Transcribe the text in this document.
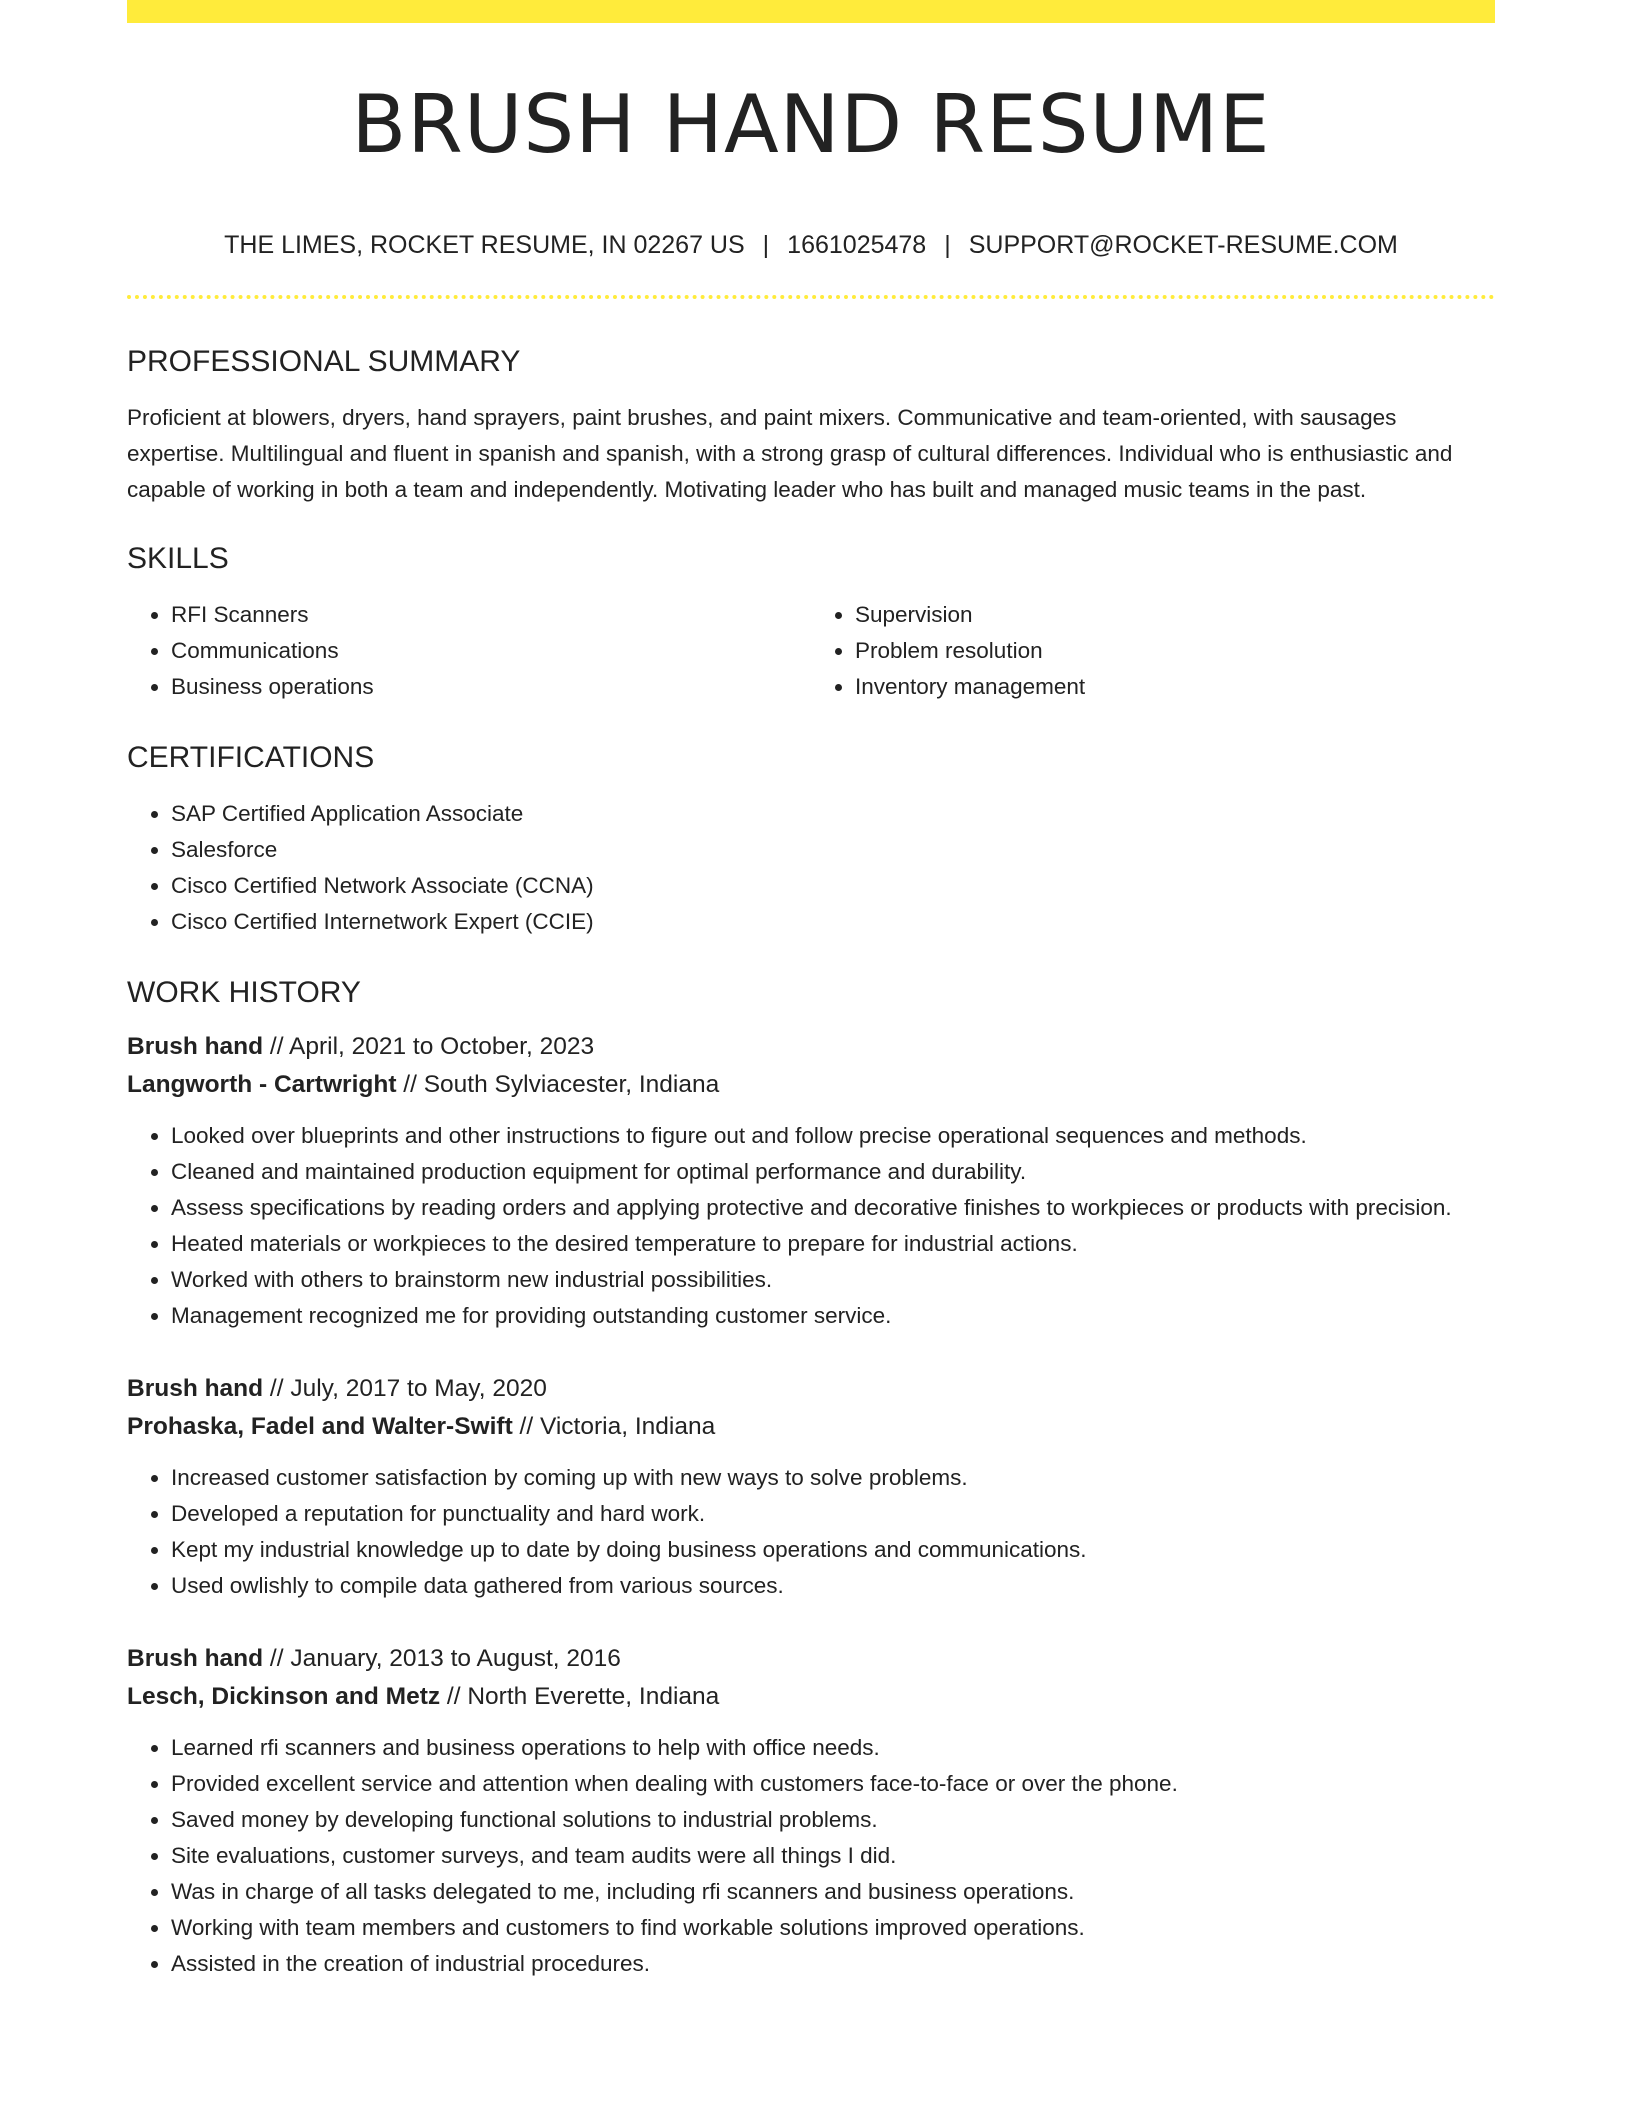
BRUSH HAND RESUME
THE LIMES, ROCKET RESUME, IN 02267 US | 1661025478 | SUPPORT@ROCKET-RESUME.COM
PROFESSIONAL SUMMARY
Proficient at blowers, dryers, hand sprayers, paint brushes, and paint mixers. Communicative and team-oriented, with sausages expertise. Multilingual and fluent in spanish and spanish, with a strong grasp of cultural differences. Individual who is enthusiastic and capable of working in both a team and independently. Motivating leader who has built and managed music teams in the past.
SKILLS
• RFI Scanners
• Communications
• Business operations
• Supervision
• Problem resolution
• Inventory management
CERTIFICATIONS
• SAP Certified Application Associate
• Salesforce
• Cisco Certified Network Associate (CCNA)
• Cisco Certified Internetwork Expert (CCIE)
WORK HISTORY
Brush hand // April, 2021 to October, 2023
Langworth - Cartwright // South Sylviacester, Indiana
• Looked over blueprints and other instructions to figure out and follow precise operational sequences and methods.
• Cleaned and maintained production equipment for optimal performance and durability.
• Assess specifications by reading orders and applying protective and decorative finishes to workpieces or products with precision.
• Heated materials or workpieces to the desired temperature to prepare for industrial actions.
• Worked with others to brainstorm new industrial possibilities.
• Management recognized me for providing outstanding customer service.
Brush hand // July, 2017 to May, 2020
Prohaska, Fadel and Walter-Swift // Victoria, Indiana
• Increased customer satisfaction by coming up with new ways to solve problems.
• Developed a reputation for punctuality and hard work.
• Kept my industrial knowledge up to date by doing business operations and communications.
• Used owlishly to compile data gathered from various sources.
Brush hand // January, 2013 to August, 2016
Lesch, Dickinson and Metz // North Everette, Indiana
• Learned rfi scanners and business operations to help with office needs.
• Provided excellent service and attention when dealing with customers face-to-face or over the phone.
• Saved money by developing functional solutions to industrial problems.
• Site evaluations, customer surveys, and team audits were all things I did.
• Was in charge of all tasks delegated to me, including rfi scanners and business operations.
• Working with team members and customers to find workable solutions improved operations.
• Assisted in the creation of industrial procedures.
